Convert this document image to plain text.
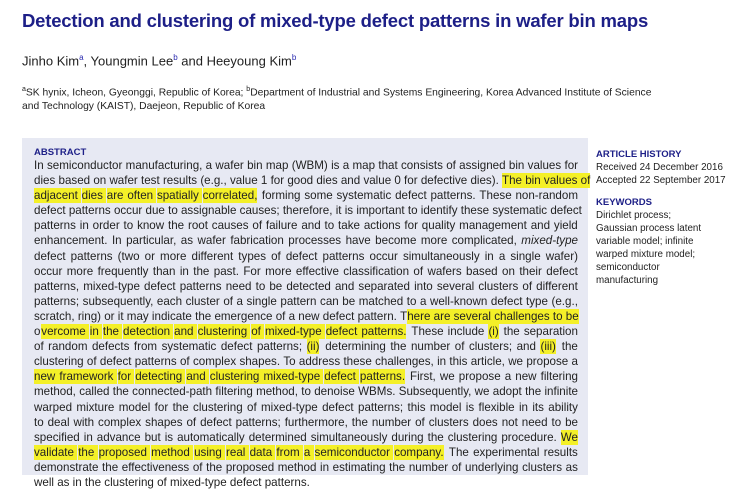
Detection and clustering of mixed-type defect patterns in wafer bin maps
Jinho Kim$^a$, Youngmin Lee$^b$ and Heeyoung Kim$^b$
$^a$SK hynix, Icheon, Gyeonggi, Republic of Korea; $^b$Department of Industrial and Systems Engineering, Korea Advanced Institute of Science and Technology (KAIST), Daejeon, Republic of Korea
ABSTRACT
In semiconductor manufacturing, a wafer bin map (WBM) is a map that consists of assigned bin values for
dies based on wafer test results (e.g., value 1 for good dies and value 0 for defective dies). The bin values of
adjacent dies are often spatially correlated,
forming some systematic defect patterns. These non-random
defect patterns occur due to assignable causes; therefore, it is important to identify these systematic defect
patterns in order to know the root causes of failure and to take actions for quality management and yield
enhancement. In particular, as wafer fabrication processes have become more complicated, mixed-type
defect patterns (two or more different types of defect patterns occur simultaneously in a single wafer)
occur more frequently than in the past. For more effective classification of wafers based on their defect
patterns, mixed-type defect patterns need to be detected and separated into several clusters of different
patterns; subsequently, each cluster of a single pattern can be matched to a well-known defect type (e.g.,
scratch, ring) or it may indicate the emergence of a new defect pattern. T here are several challenges to be
o vercome in the detection and clustering of mixed-type defect patterns.
These include (i)
the separation
of random defects from systematic defect patterns; (ii)
determining the number of clusters; and (iii)
the
clustering of defect patterns of complex shapes. To address these challenges, in this article, we propose a
new framework for detecting and clustering mixed-type defect patterns.
First, we propose a new filtering
method, called the connected-path filtering method, to denoise WBMs. Subsequently, we adopt the infinite
warped mixture model for the clustering of mixed-type defect patterns; this model is flexible in its ability
to deal with complex shapes of defect patterns; furthermore, the number of clusters does not need to be
specified in advance but is automatically determined simultaneously during the clustering procedure. We
validate the proposed method using real data from a semiconductor company.
The experimental results
demonstrate the effectiveness of the proposed method in estimating the number of underlying clusters as
well as in the clustering of mixed-type defect patterns.
ARTICLE HISTORY

Received 24 December 2016
Accepted 22 September 2017

KEYWORDS

Dirichlet process; Gaussian process latent variable model; infinite warped mixture model; semiconductor manufacturing
